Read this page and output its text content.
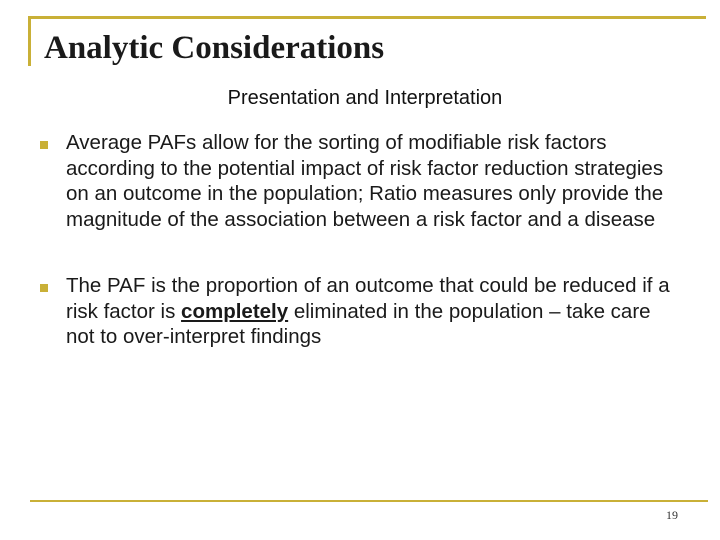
Analytic Considerations
Presentation and Interpretation
Average PAFs allow for the sorting of modifiable risk factors according to the potential impact of risk factor reduction strategies on an outcome in the population; Ratio measures only provide the magnitude of the association between a risk factor and a disease
The PAF is the proportion of an outcome that could be reduced if a risk factor is completely eliminated in the population – take care not to over-interpret findings
19
